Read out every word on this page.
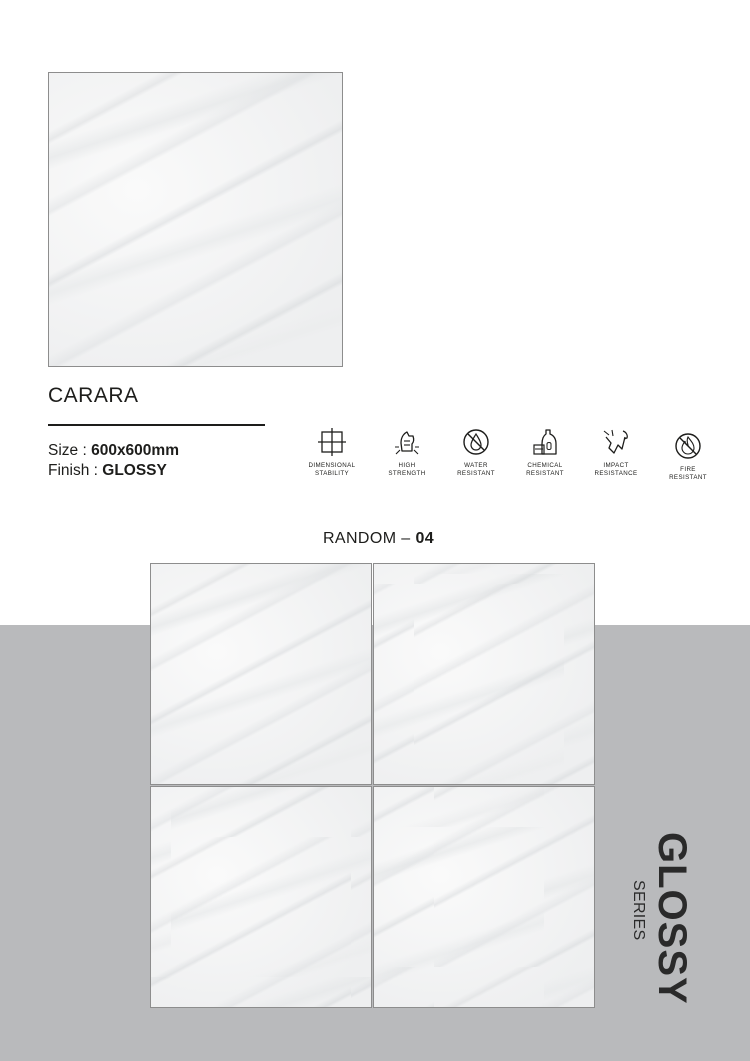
CARARA
Size : 600x600mm
Finish : GLOSSY	DIMENSIONAL
STABILITY
HIGH
STRENGTH
WATER
RESISTANT
CHEMICAL
RESISTANT
IMPACT
RESISTANCE
FIRE
RESISTANT
RANDOM – 04
GLOSSY
SERIES
